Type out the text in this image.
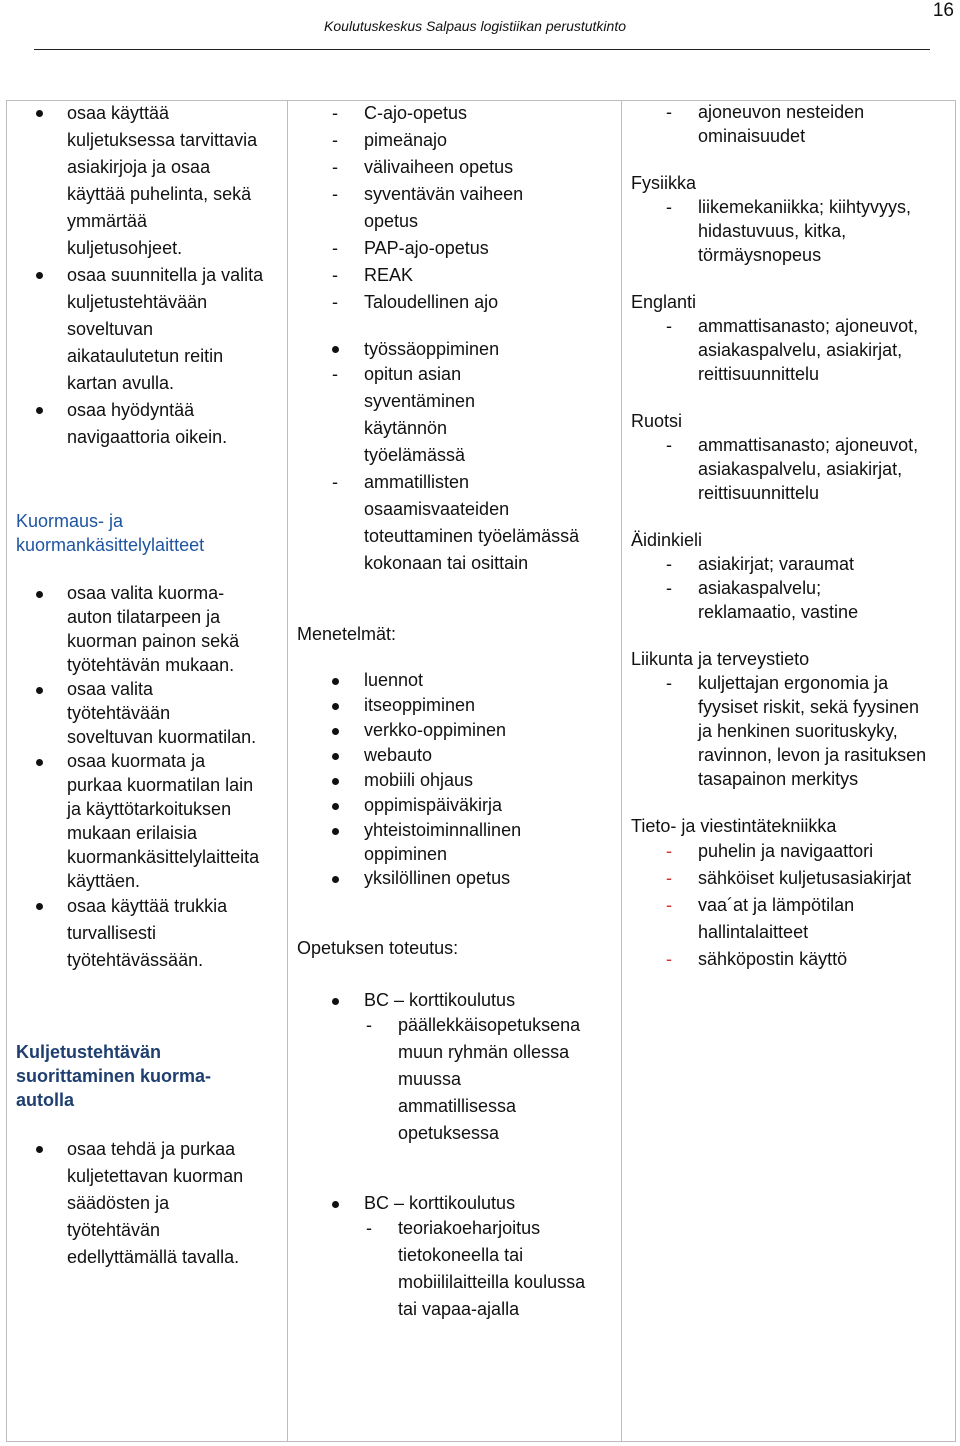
16
Koulutuskeskus Salpaus logistiikan perustutkinto
osaa käyttää kuljetuksessa tarvittavia asiakirjoja ja osaa käyttää puhelinta, sekä ymmärtää kuljetusohjeet.
osaa suunnitella ja valita kuljetustehtävään soveltuvan aikataulutetun reitin kartan avulla.
osaa hyödyntää navigaattoria oikein.
Kuormaus- ja kuormankäsittelylaitteet
osaa valita kuorma-auton tilatarpeen ja kuorman painon sekä työtehtävän mukaan.
osaa valita työtehtävään soveltuvan kuormatilan.
osaa kuormata ja purkaa kuormatilan lain ja käyttötarkoituksen mukaan erilaisia kuormankäsittelylaitteita käyttäen.
osaa käyttää trukkia turvallisesti työtehtävässään.
Kuljetustehtävän suorittaminen kuorma-autolla
osaa tehdä ja purkaa kuljetettavan kuorman säädösten ja työtehtävän edellyttämällä tavalla.
- C-ajo-opetus
- pimeänajo
- välivaiheen opetus
- syventävän vaiheen opetus
- PAP-ajo-opetus
- REAK
- Taloudellinen ajo
työssäoppiminen
- opitun asian syventäminen käytännön työelämässä
- ammatillisten osaamisvaateiden toteuttaminen työelämässä kokonaan tai osittain
Menetelmät:
luennot
itseoppiminen
verkko-oppiminen
webauto
mobiili ohjaus
oppimispäiväkirja
yhteistoiminnallinen oppiminen
yksilöllinen opetus
Opetuksen toteutus:
BC – korttikoulutus
- päällekkäisopetuksena muun ryhmän ollessa muussa ammatillisessa opetuksessa
BC – korttikoulutus
- teoriakoeharjoitus tietokoneella tai mobiililaitteilla koulussa tai vapaa-ajalla
- ajoneuvon nesteiden ominaisuudet
Fysiikka
- liikemekaniikka; kiihtyvyys, hidastuvuus, kitka, törmäysnopeus
Englanti
- ammattisanasto; ajoneuvot, asiakaspalvelu, asiakirjat, reittisuunnittelu
Ruotsi
- ammattisanasto; ajoneuvot, asiakaspalvelu, asiakirjat, reittisuunnittelu
Äidinkieli
- asiakirjat; varaumat
- asiakaspalvelu; reklamaatio, vastine
Liikunta ja terveystieto
- kuljettajan ergonomia ja fyysiset riskit, sekä fyysinen ja henkinen suorituskyky, ravinnon, levon ja rasituksen tasapainon merkitys
Tieto- ja viestintätekniikka
- puhelin ja navigaattori
- sähköiset kuljetusasiakirjat
- vaa´at ja lämpötilan hallintalaitteet
- sähköpostin käyttö
